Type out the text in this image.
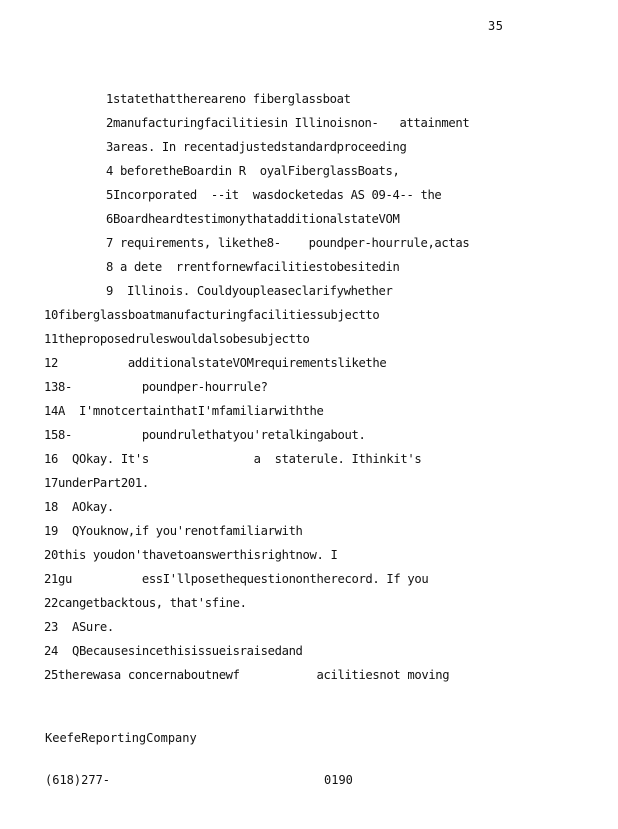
35
1statethatthereareno fiberglassboat
2manufacturingfacilitiesin Illinoisnon-   attainment
3areas. In recentadjustedstandardproceeding
4 beforetheBoardin R  oyalFiberglassBoats,
5Incorporated  --it  wasdocketedas AS 09-4-- the
6BoardheardtestimonythatadditionalstateVOM
7 requirements, likethe8-    poundper-hourrule,actas
8 a dete  rrentfornewfacilitiestobesitedin
9  Illinois. Couldyoupleaseclarifywhether
10fiberglassboatmanufacturingfacilitiessubjectto
11theproposedruleswouldalsobesubjectto
12          additionalstateVOMrequirementslikethe
138-          poundper-hourrule?
14A  I'mnotcertainthatI'mfamiliarwiththe
158-          poundrulethatyou'retalkingabout.
16  QOkay. It's               a  staterule. Ithinkit's
17underPart201.
18  AOkay.
19  QYouknow,if you'renotfamiliarwith
20this youdon'thavetoanswerthisrightnow. I
21gu          essI'llposethequestionontherecord. If you
22cangetbacktous, that'sfine.
23  ASure.
24  QBecausesincethisissueisraisedand
25therewasa concernaboutnewf           acilitiesnot moving

KeefeReportingCompany

(618)277-

	0190
